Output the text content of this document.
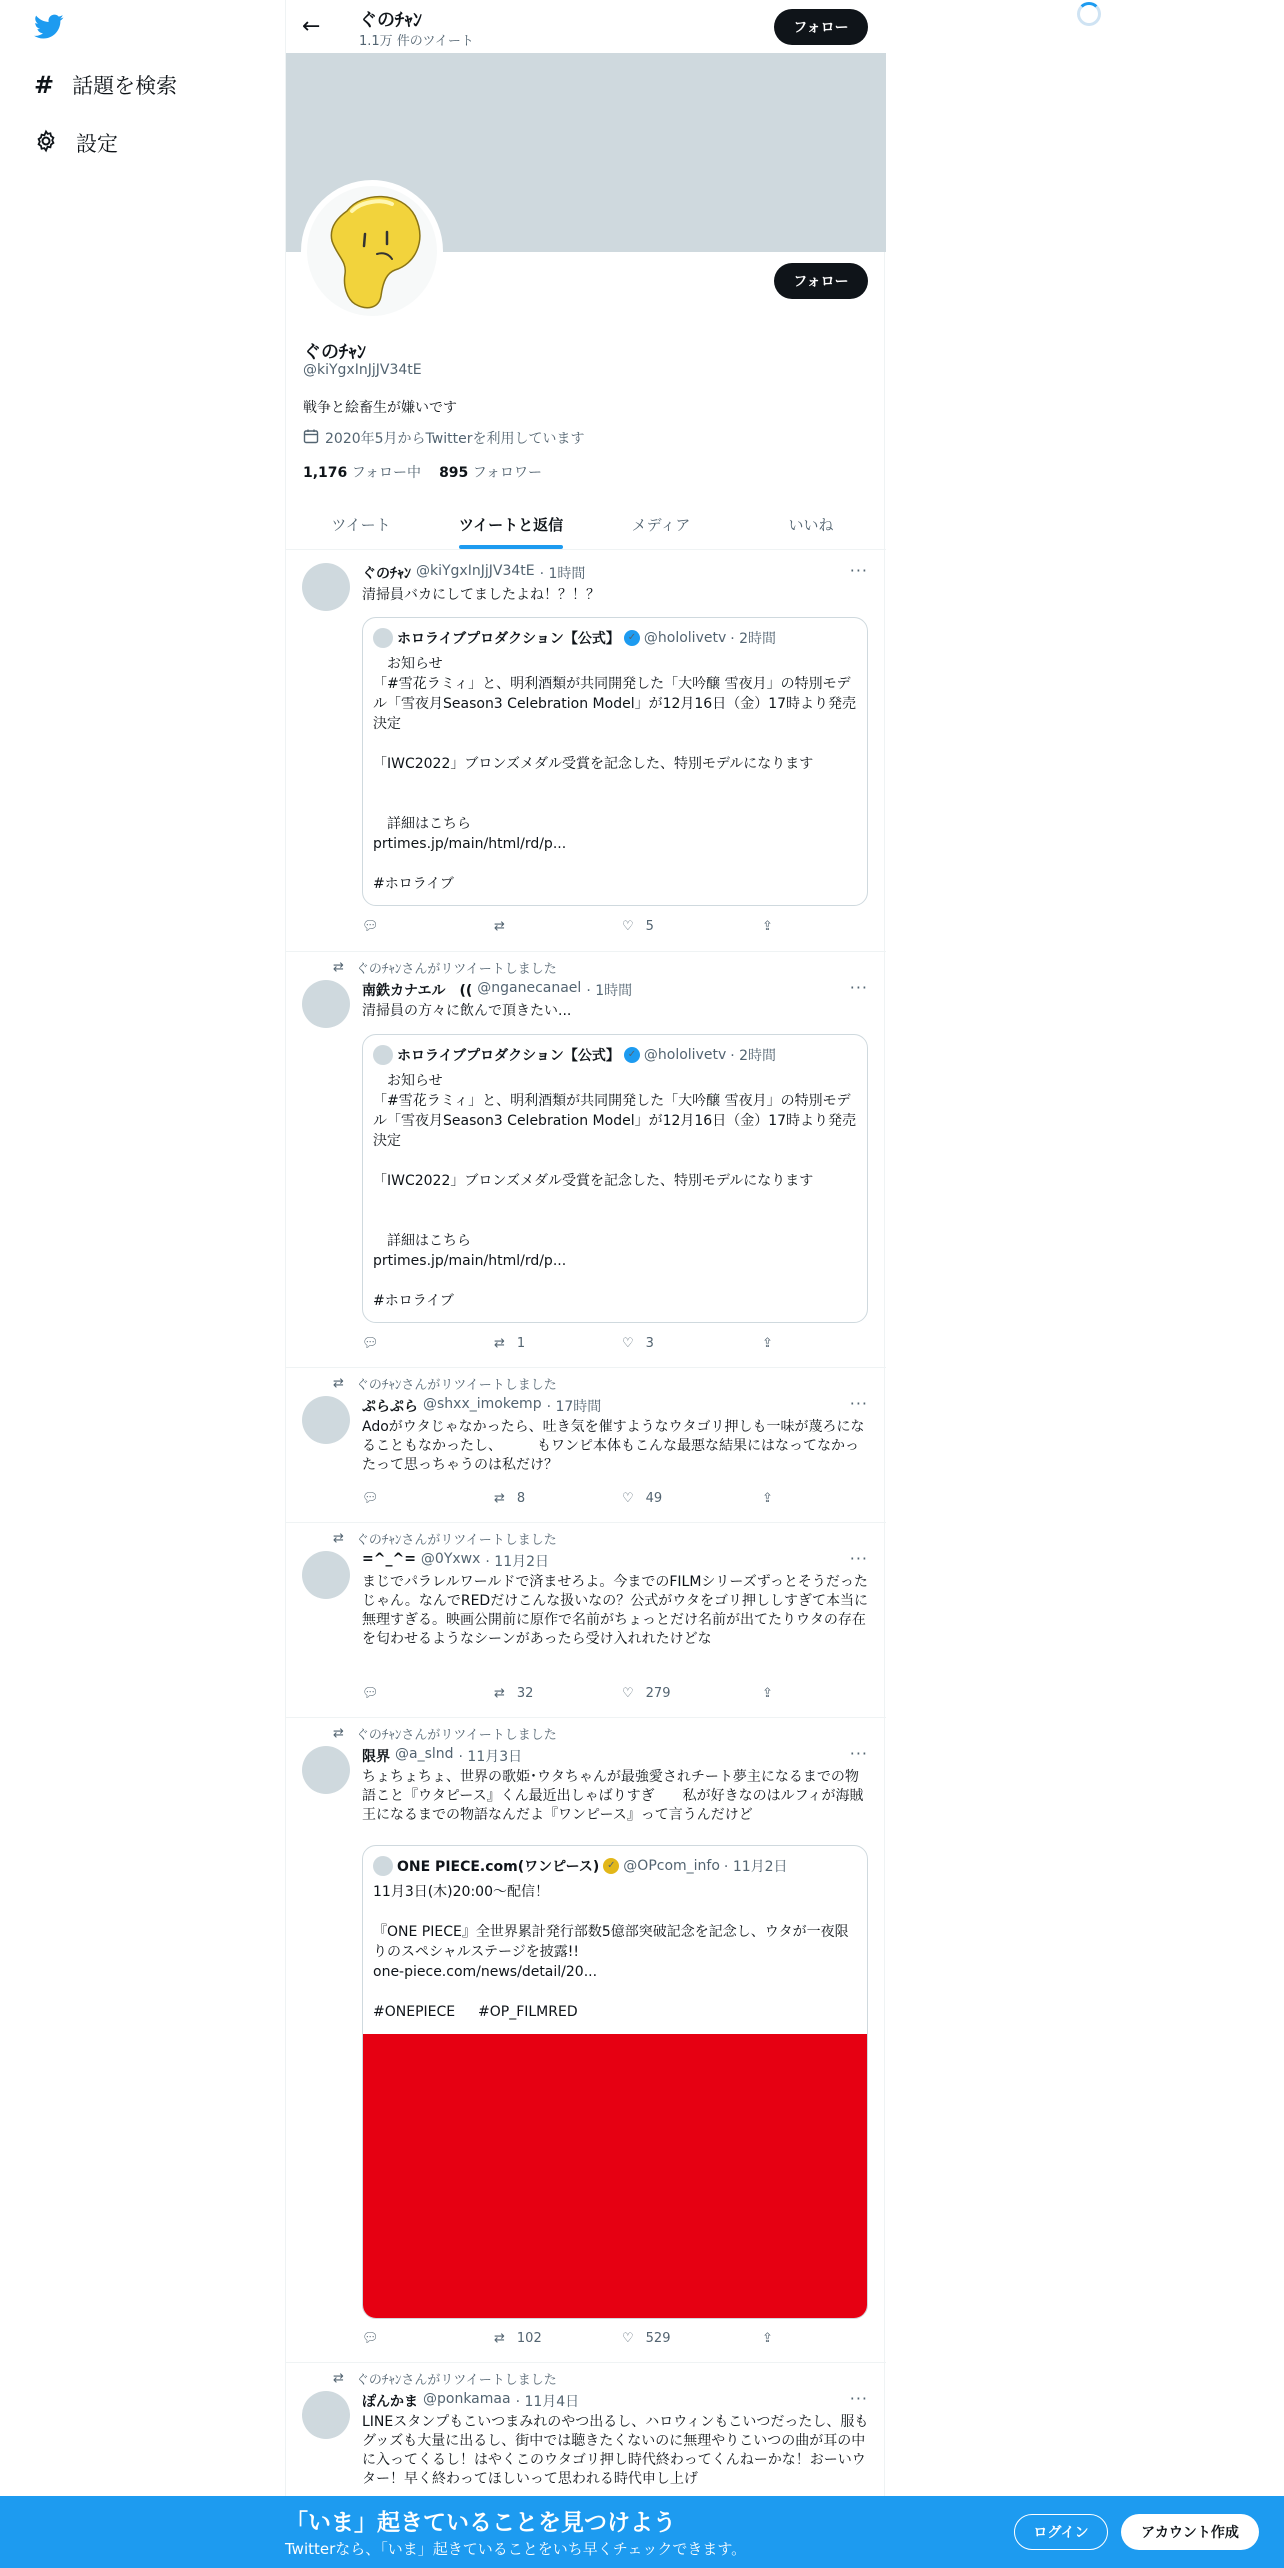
# 話題を検索
設定
← ぐのﾁｬﾝ
1.1万 件のツイート
フォロー
フォロー
ぐのﾁｬﾝ
@kiYgxInJjJV34tE
戦争と絵畜生が嫌いです
2020年5月からTwitterを利用しています
1,176 フォロー中 895 フォロワー
ツイート	ツイートと返信	メディア	いいね
ぐのﾁｬﾝ @kiYgxInJjJV34tE · 1時間	···
清掃員バカにしてましたよね！？！？
ホロライブプロダクション【公式】 ✓ @hololivetv · 2時間
　お知らせ
「#雪花ラミィ」と、明利酒類が共同開発した「大吟醸 雪夜月」の特別モデル「雪夜月Season3 Celebration Model」が12月16日（金）17時より発売決定

「IWC2022」ブロンズメダル受賞を記念した、特別モデルになります

　詳細はこちら
prtimes.jp/main/html/rd/p...

#ホロライブ
💬︎	⇄	♡ 5	⇪
⇄ ぐのﾁｬﾝさんがリツイートしました
南鉄カナエル　(( @nganecanael · 1時間	···
清掃員の方々に飲んで頂きたい...
ホロライブプロダクション【公式】 ✓ @hololivetv · 2時間
　お知らせ
「#雪花ラミィ」と、明利酒類が共同開発した「大吟醸 雪夜月」の特別モデル「雪夜月Season3 Celebration Model」が12月16日（金）17時より発売決定

「IWC2022」ブロンズメダル受賞を記念した、特別モデルになります

　詳細はこちら
prtimes.jp/main/html/rd/p...

#ホロライブ
💬︎	⇄ 1	♡ 3	⇪
⇄ ぐのﾁｬﾝさんがリツイートしました
ぷらぷら @shxx_imokemp · 17時間	···
Adoがウタじゃなかったら、吐き気を催すようなウタゴリ押しも一味が蔑ろになることもなかったし、　　　もワンピ本体もこんな最悪な結果にはなってなかったって思っちゃうのは私だけ？
💬︎	⇄ 8	♡ 49	⇪
⇄ ぐのﾁｬﾝさんがリツイートしました
=^_^= @0Yxwx · 11月2日	···
まじでパラレルワールドで済ませろよ。今までのFILMシリーズずっとそうだったじゃん。なんでREDだけこんな扱いなの？公式がウタをゴリ押ししすぎて本当に無理すぎる。映画公開前に原作で名前がちょっとだけ名前が出てたりウタの存在を匂わせるようなシーンがあったら受け入れれたけどな
💬︎	⇄ 32	♡ 279	⇪
⇄ ぐのﾁｬﾝさんがリツイートしました
限界 @a_slnd · 11月3日	···
ちょちょちょ、世界の歌姫･ウタちゃんが最強愛されチート夢主になるまでの物語こと『ウタピース』くん最近出しゃばりすぎ　　私が好きなのはルフィが海賊王になるまでの物語なんだよ『ワンピース』って言うんだけど
ONE PIECE.com(ワンピース) ✓ @OPcom_info · 11月2日
11月3日(木)20:00～配信！

『ONE PIECE』全世界累計発行部数5億部突破記念を記念し、ウタが一夜限りのスペシャルステージを披露!!
one-piece.com/news/detail/20...

#ONEPIECE　  #OP_FILMRED
💬︎	⇄ 102	♡ 529	⇪
⇄ ぐのﾁｬﾝさんがリツイートしました
ぽんかま @ponkamaa · 11月4日	···
LINEスタンプもこいつまみれのやつ出るし、ハロウィンもこいつだったし、服もグッズも大量に出るし、街中では聴きたくないのに無理やりこいつの曲が耳の中に入ってくるし！はやくこのウタゴリ押し時代終わってくんねーかな！おーいウター！早く終わってほしいって思われる時代申し上げ
「いま」起きていることを見つけよう
Twitterなら、「いま」起きていることをいち早くチェックできます。
ログイン	アカウント作成
